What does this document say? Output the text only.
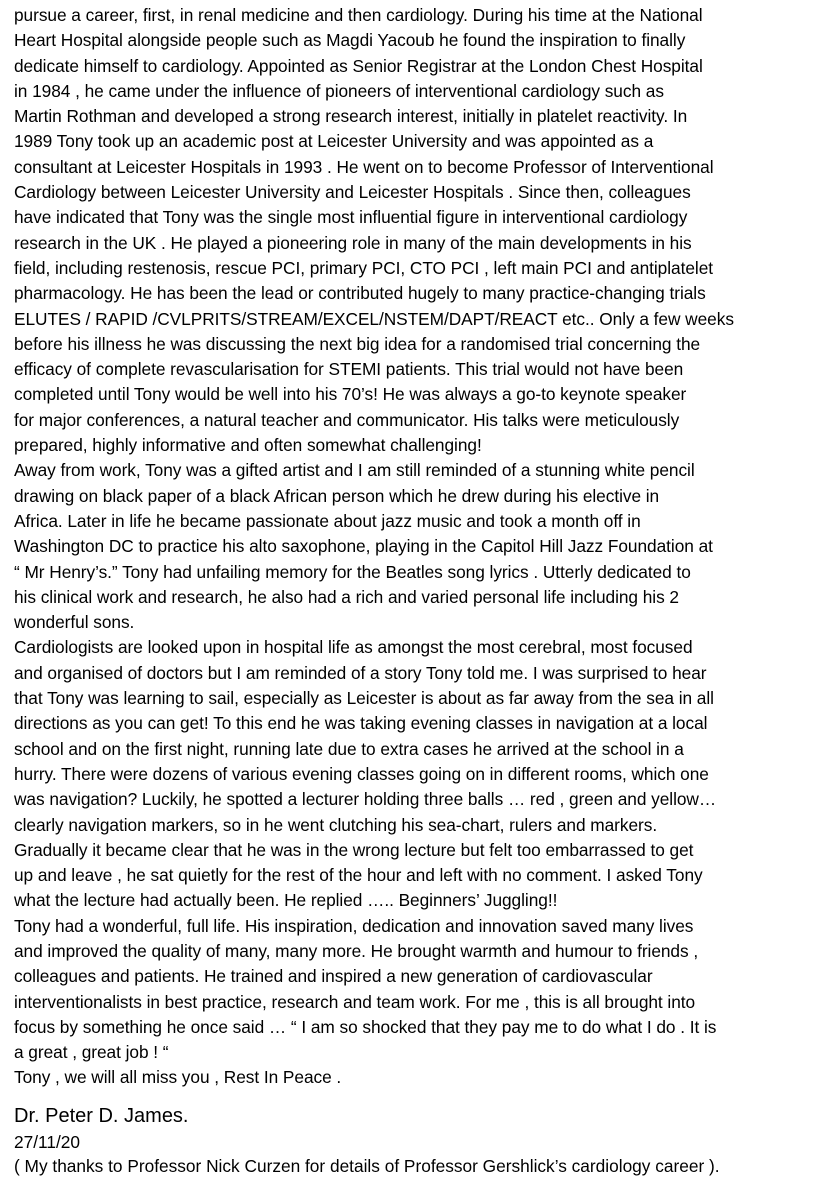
pursue a career, first, in renal medicine and then cardiology. During his time at the National
Heart Hospital alongside people such as Magdi Yacoub he found the inspiration to finally
dedicate himself to cardiology. Appointed as Senior Registrar at the London Chest Hospital
in 1984 , he came under the influence of pioneers of interventional cardiology such as
Martin Rothman and developed a strong research interest, initially in platelet reactivity. In
1989 Tony took up an academic post at Leicester University and was appointed as a
consultant at Leicester Hospitals in 1993 . He went on to become Professor of Interventional
Cardiology between Leicester University and Leicester Hospitals . Since then, colleagues
have indicated that Tony was the single most influential figure in interventional cardiology
research in the UK . He played a pioneering role in many of the main developments in his
field, including restenosis, rescue PCI, primary PCI, CTO PCI , left main PCI and antiplatelet
pharmacology. He has been the lead or contributed hugely to many practice-changing trials
ELUTES / RAPID /CVLPRITS/STREAM/EXCEL/NSTEM/DAPT/REACT etc.. Only a few weeks
before his illness he was discussing the next big idea for a randomised trial concerning the
efficacy of complete revascularisation for STEMI patients. This trial would not have been
completed until Tony would be well into his 70’s! He was always a go-to keynote speaker
for major conferences, a natural teacher and communicator. His talks were meticulously
prepared, highly informative and often somewhat challenging!
Away from work, Tony was a gifted artist and I am still reminded of a stunning white pencil
drawing on black paper of a black African person which he drew during his elective in
Africa. Later in life he became passionate about jazz music and took a month off in
Washington DC to practice his alto saxophone, playing in the Capitol Hill Jazz Foundation at
“ Mr Henry’s.” Tony had unfailing memory for the Beatles song lyrics . Utterly dedicated to
his clinical work and research, he also had a rich and varied personal life including his 2
wonderful sons.
Cardiologists are looked upon in hospital life as amongst the most cerebral, most focused
and organised of doctors but I am reminded of a story Tony told me. I was surprised to hear
that Tony was learning to sail, especially as Leicester is about as far away from the sea in all
directions as you can get! To this end he was taking evening classes in navigation at a local
school and on the first night, running late due to extra cases he arrived at the school in a
hurry. There were dozens of various evening classes going on in different rooms, which one
was navigation? Luckily, he spotted a lecturer holding three balls … red , green and yellow…
clearly navigation markers, so in he went clutching his sea-chart, rulers and markers.
Gradually it became clear that he was in the wrong lecture but felt too embarrassed to get
up and leave , he sat quietly for the rest of the hour and left with no comment. I asked Tony
what the lecture had actually been. He replied ….. Beginners’ Juggling!!
Tony had a wonderful, full life. His inspiration, dedication and innovation saved many lives
and improved the quality of many, many more. He brought warmth and humour to friends ,
colleagues and patients. He trained and inspired a new generation of cardiovascular
interventionalists in best practice, research and team work. For me , this is all brought into
focus by something he once said … “ I am so shocked that they pay me to do what I do . It is
a great , great job ! “
Tony , we will all miss you , Rest In Peace .
Dr. Peter D. James.
27/11/20
( My thanks to Professor Nick Curzen for details of Professor Gershlick’s cardiology career ).
